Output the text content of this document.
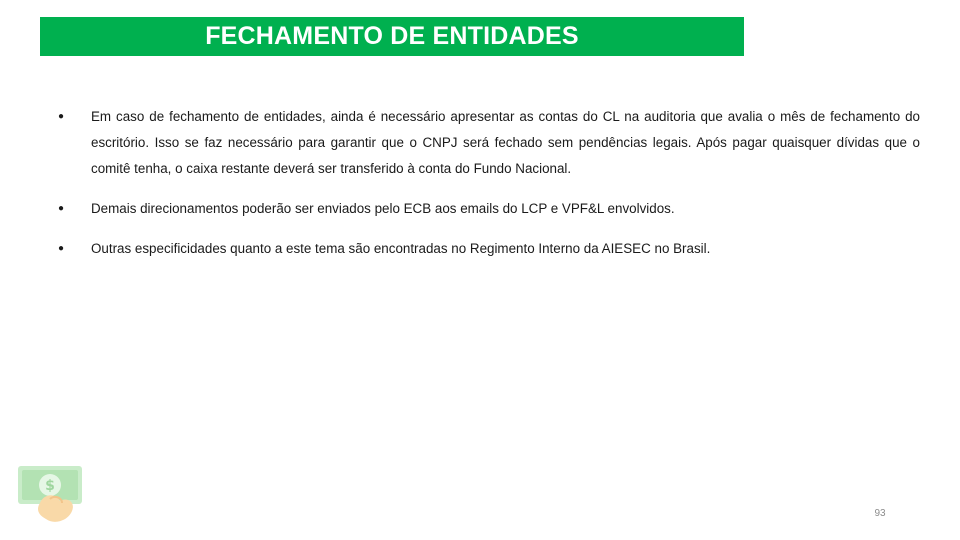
FECHAMENTO DE ENTIDADES
● Em caso de fechamento de entidades, ainda é necessário apresentar as contas do CL na auditoria que avalia o mês de fechamento do escritório. Isso se faz necessário para garantir que o CNPJ será fechado sem pendências legais. Após pagar quaisquer dívidas que o comitê tenha, o caixa restante deverá ser transferido à conta do Fundo Nacional.
● Demais direcionamentos poderão ser enviados pelo ECB aos emails do LCP e VPF&L envolvidos.
● Outras especificidades quanto a este tema são encontradas no Regimento Interno da AIESEC no Brasil.
$
93
